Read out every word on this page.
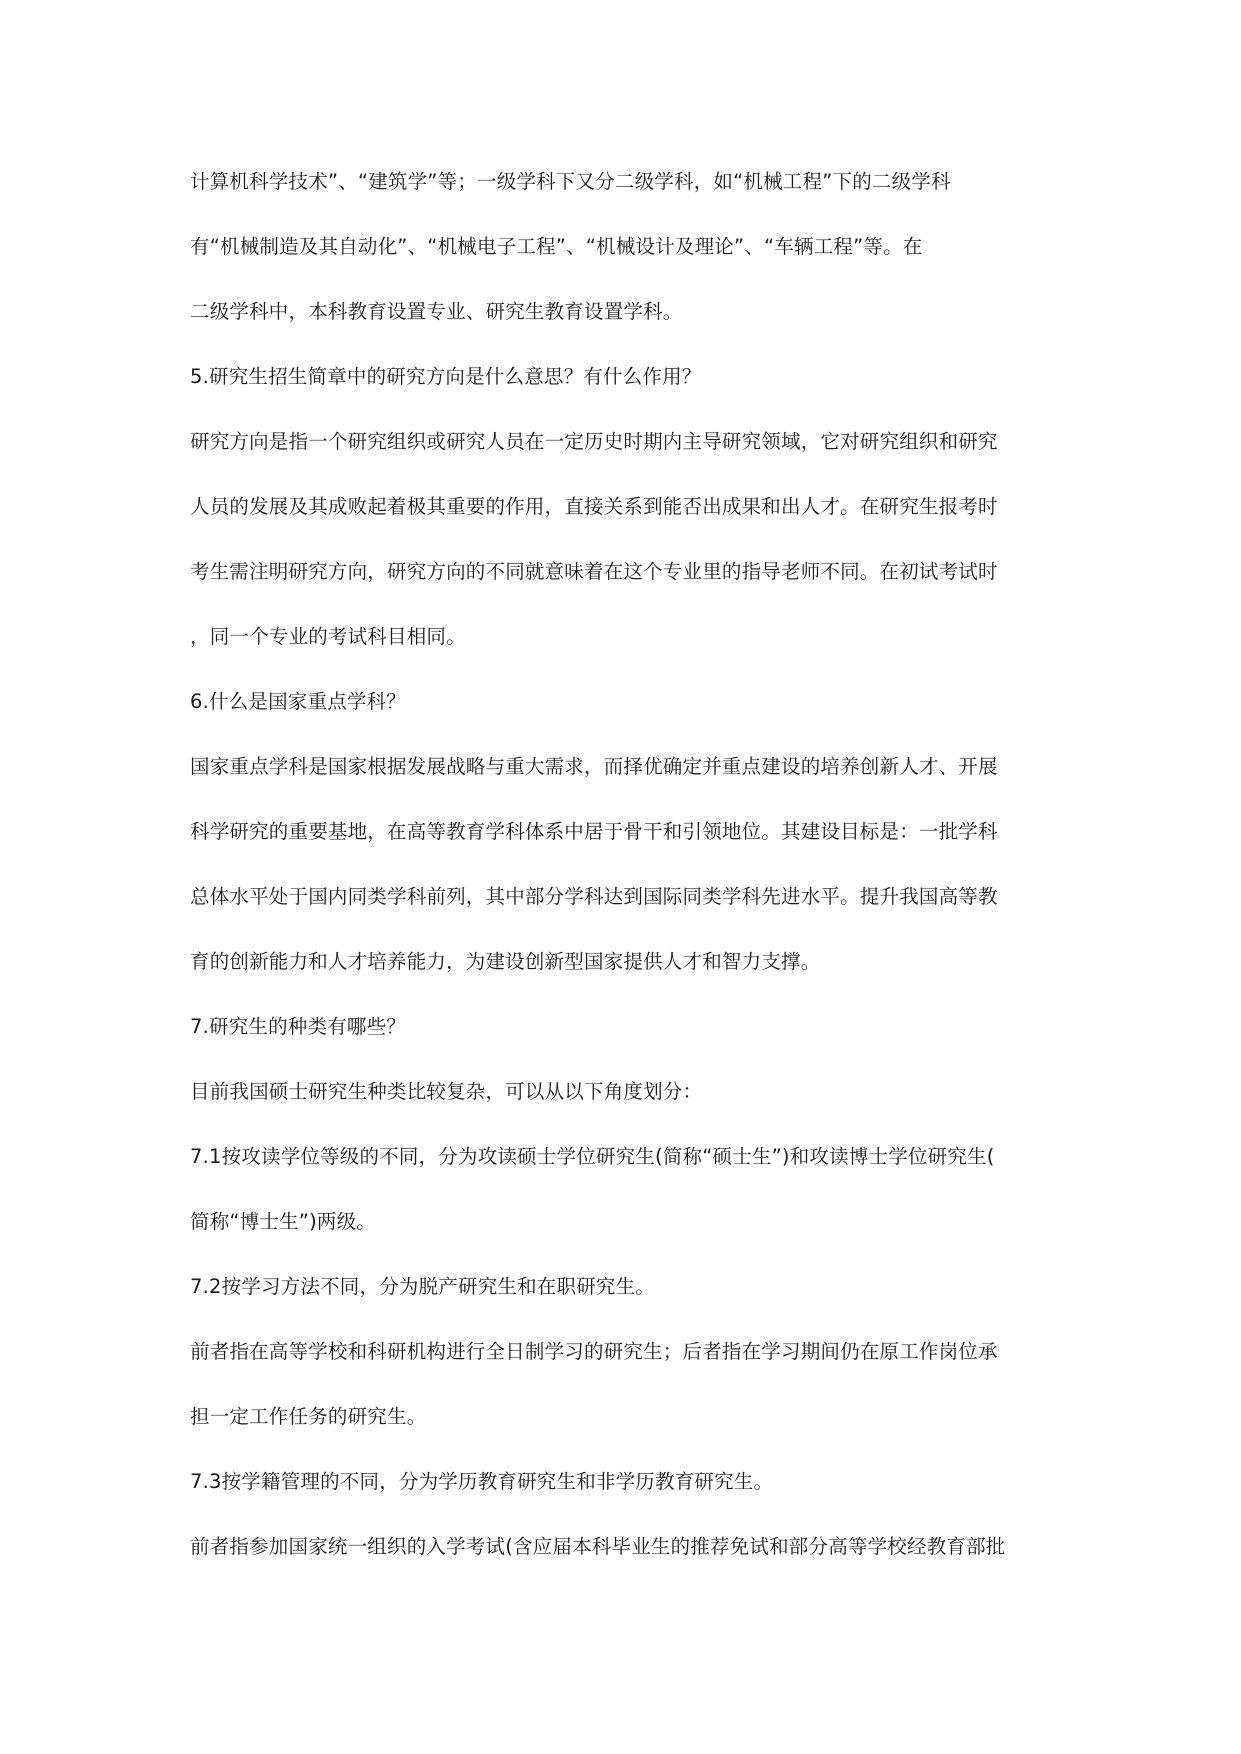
计算机科学技术”、“建筑学”等；一级学科下又分二级学科，如“机械工程”下的二级学科
有“机械制造及其自动化”、“机械电子工程”、“机械设计及理论”、“车辆工程”等。在
二级学科中，本科教育设置专业、研究生教育设置学科。
5.研究生招生简章中的研究方向是什么意思？有什么作用？
研究方向是指一个研究组织或研究人员在一定历史时期内主导研究领域，它对研究组织和研究
人员的发展及其成败起着极其重要的作用，直接关系到能否出成果和出人才。在研究生报考时
考生需注明研究方向，研究方向的不同就意味着在这个专业里的指导老师不同。在初试考试时
，同一个专业的考试科目相同。
6.什么是国家重点学科？
国家重点学科是国家根据发展战略与重大需求，而择优确定并重点建设的培养创新人才、开展
科学研究的重要基地，在高等教育学科体系中居于骨干和引领地位。其建设目标是：一批学科
总体水平处于国内同类学科前列，其中部分学科达到国际同类学科先进水平。提升我国高等教
育的创新能力和人才培养能力，为建设创新型国家提供人才和智力支撑。
7.研究生的种类有哪些？
目前我国硕士研究生种类比较复杂，可以从以下角度划分：
7.1按攻读学位等级的不同，分为攻读硕士学位研究生(简称“硕士生”)和攻读博士学位研究生(
简称“博士生”)两级。
7.2按学习方法不同，分为脱产研究生和在职研究生。
前者指在高等学校和科研机构进行全日制学习的研究生；后者指在学习期间仍在原工作岗位承
担一定工作任务的研究生。
7.3按学籍管理的不同，分为学历教育研究生和非学历教育研究生。
前者指参加国家统一组织的入学考试(含应届本科毕业生的推荐免试和部分高等学校经教育部批
